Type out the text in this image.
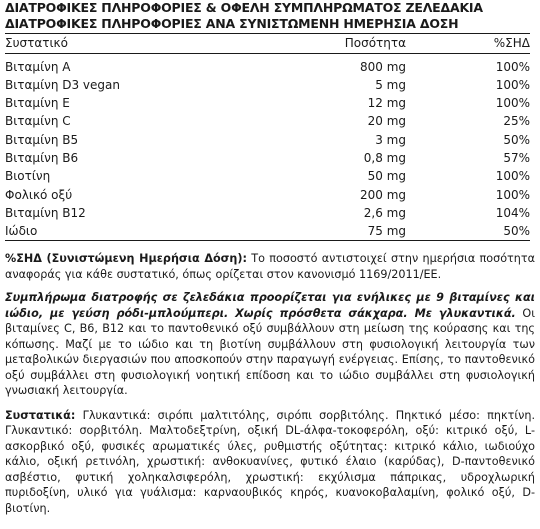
ΔΙΑΤΡΟΦΙΚΕΣ ΠΛΗΡΟΦΟΡΙΕΣ & ΟΦΕΛΗ ΣΥΜΠΛΗΡΩΜΑΤΟΣ ΖΕΛΕΔΑΚΙΑ
ΔΙΑΤΡΟΦΙΚΕΣ ΠΛΗΡΟΦΟΡΙΕΣ ΑΝΑ ΣΥΝΙΣΤΩΜΕΝΗ ΗΜΕΡΗΣΙΑ ΔΟΣΗ
Συστατικό	Ποσότητα	%ΣΗΔ

Βιταμίνη Α	800 mg	100%
Βιταμίνη D3 vegan	5 mg	100%
Βιταμίνη Ε	12 mg	100%
Βιταμίνη C	20 mg	25%
Βιταμίνη Β5	3 mg	50%
Βιταμίνη Β6	0,8 mg	57%
Βιοτίνη	50 mg	100%
Φολικό οξύ	200 mg	100%
Βιταμίνη Β12	2,6 mg	104%
Ιώδιο	75 mg	50%

%ΣΗΔ (Συνιστώμενη Ημερήσια Δόση): Το ποσοστό αντιστοιχεί στην ημερήσια ποσότητα αναφοράς για κάθε συστατικό, όπως ορίζεται στον κανονισμό 1169/2011/ΕΕ.

Συμπλήρωμα διατροφής σε ζελεδάκια προορίζεται για ενήλικες με 9 βιταμίνες και ιώδιο, με γεύση ρόδι-μπλούμπερι. Χωρίς πρόσθετα σάκχαρα. Με γλυκαντικά. Οι βιταμίνες C, B6, B12 και το παντοθενικό οξύ συμβάλλουν στη μείωση της κούρασης και της κόπωσης. Μαζί με το ιώδιο και τη βιοτίνη συμβάλλουν στη φυσιολογική λειτουργία των μεταβολικών διεργασιών που αποσκοπούν στην παραγωγή ενέργειας. Επίσης, το παντοθενικό οξύ συμβάλλει στη φυσιολογική νοητική επίδοση και το ιώδιο συμβάλλει στη φυσιολογική γνωσιακή λειτουργία.

Συστατικά: Γλυκαντικά: σιρόπι μαλτιτόλης, σιρόπι σορβιτόλης. Πηκτικό μέσο: πηκτίνη. Γλυκαντικό: σορβιτόλη. Μαλτοδεξτρίνη, οξική DL-άλφα-τοκοφερόλη, οξύ: κιτρικό οξύ, L-ασκορβικό οξύ, φυσικές αρωματικές ύλες, ρυθμιστής οξύτητας: κιτρικό κάλιο, ιωδιούχο κάλιο, οξική ρετινόλη, χρωστική: ανθοκυανίνες, φυτικό έλαιο (καρύδας), D-παντοθενικό ασβέστιο, φυτική χοληκαλσιφερόλη, χρωστική: εκχύλισμα πάπρικας, υδροχλωρική πυριδοξίνη, υλικό για γυάλισμα: καρναουβικός κηρός, κυανοκοβαλαμίνη, φολικό οξύ, D-βιοτίνη.
